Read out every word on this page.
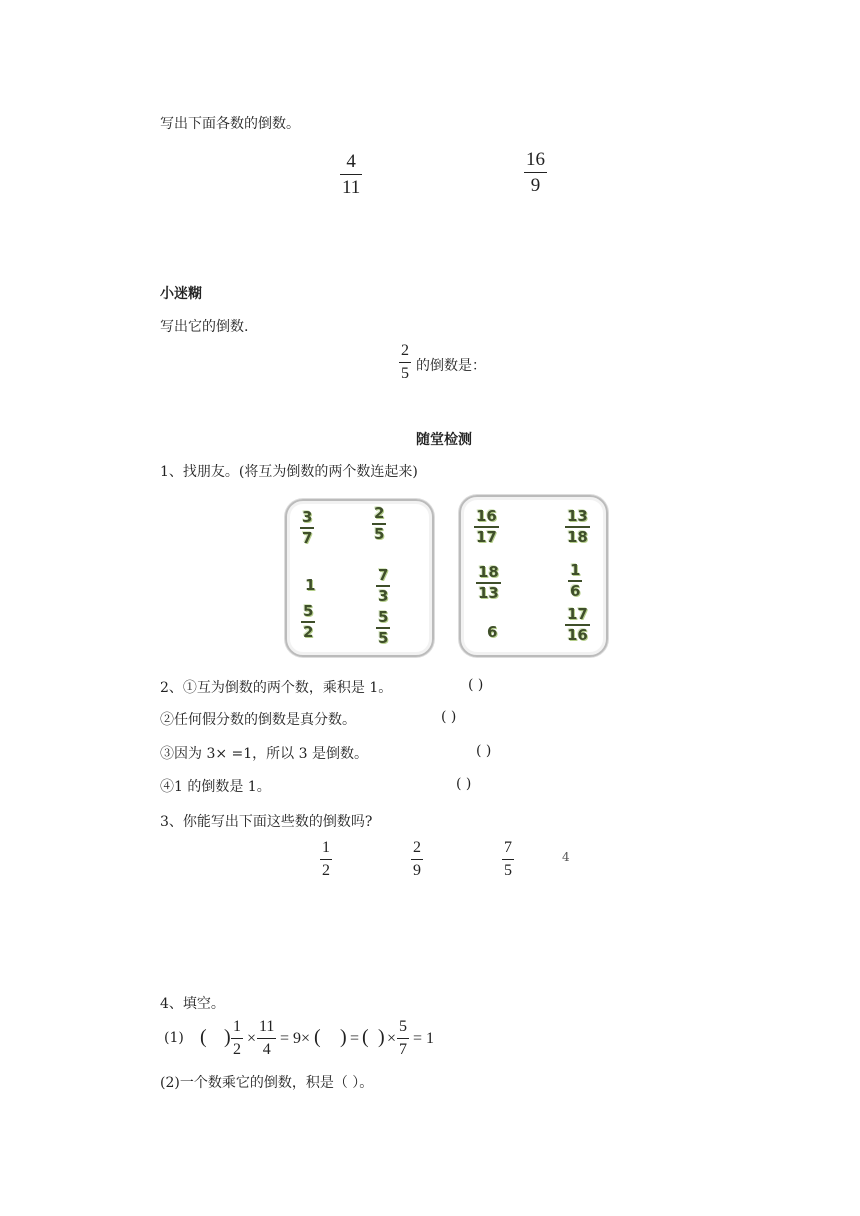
写出下面各数的倒数。
4
11
16
9
小迷糊
写出它的倒数.
2
5 的倒数是：
随堂检测
1、找朋友。(将互为倒数的两个数连起来)
3
7
2
5
1
7
3
5
2
5
5
16
17
13
18
18
13
1
6
6
17
16
2、①互为倒数的两个数，乘积是 1。	( )
②任何假分数的倒数是真分数。	( )
③因为 3× =1，所以 3 是倒数。	( )
④1 的倒数是 1。	( )
3、你能写出下面这些数的倒数吗?
1
2
2
9
7
5
4
4、填空。
(1) ( ) 1
2
×
11
4
= 9× ( ) = ( ) ×
5
7
= 1
(2)一个数乘它的倒数，积是（ ）。
